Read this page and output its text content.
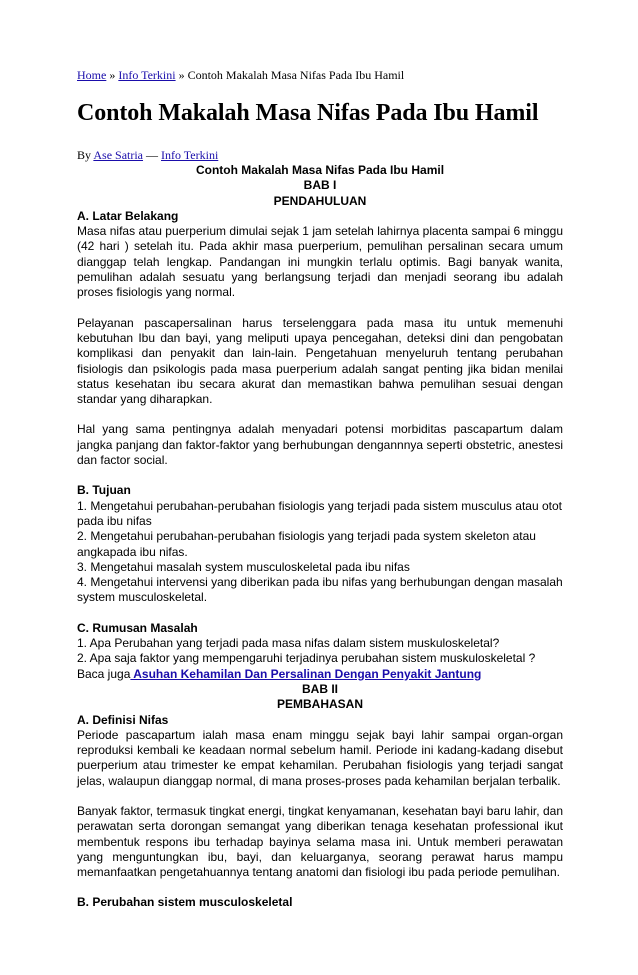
Home » Info Terkini » Contoh Makalah Masa Nifas Pada Ibu Hamil
Contoh Makalah Masa Nifas Pada Ibu Hamil
By Ase Satria — Info Terkini
Contoh Makalah Masa Nifas Pada Ibu Hamil
BAB I
PENDAHULUAN
A. Latar Belakang

Masa nifas atau puerperium dimulai sejak 1 jam setelah lahirnya placenta sampai 6 minggu (42 hari ) setelah itu. Pada akhir masa puerperium, pemulihan persalinan secara umum dianggap telah lengkap. Pandangan ini mungkin terlalu optimis. Bagi banyak wanita, pemulihan adalah sesuatu yang berlangsung terjadi dan menjadi seorang ibu adalah proses fisiologis yang normal.

Pelayanan pascapersalinan harus terselenggara pada masa itu untuk memenuhi kebutuhan Ibu dan bayi, yang meliputi upaya pencegahan, deteksi dini dan pengobatan komplikasi dan penyakit dan lain-lain. Pengetahuan menyeluruh tentang perubahan fisiologis dan psikologis pada masa puerperium adalah sangat penting jika bidan menilai status kesehatan ibu secara akurat dan memastikan bahwa pemulihan sesuai dengan standar yang diharapkan.

Hal yang sama pentingnya adalah menyadari potensi morbiditas pascapartum dalam jangka panjang dan faktor-faktor yang berhubungan dengannnya seperti obstetric, anestesi dan factor social.

B. Tujuan
1. Mengetahui perubahan-perubahan fisiologis yang terjadi pada sistem musculus atau otot pada ibu nifas
2. Mengetahui perubahan-perubahan fisiologis yang terjadi pada system skeleton atau angkapada ibu nifas.
3. Mengetahui masalah system musculoskeletal pada ibu nifas
4. Mengetahui intervensi yang diberikan pada ibu nifas yang berhubungan dengan masalah system musculoskeletal.
C. Rumusan Masalah
1. Apa Perubahan yang terjadi pada masa nifas dalam sistem muskuloskeletal?
2. Apa saja faktor yang mempengaruhi terjadinya perubahan sistem muskuloskeletal ?
Baca juga Asuhan Kehamilan Dan Persalinan Dengan Penyakit Jantung
BAB II
PEMBAHASAN
A. Definisi Nifas

Periode pascapartum ialah masa enam minggu sejak bayi lahir sampai organ-organ reproduksi kembali ke keadaan normal sebelum hamil. Periode ini kadang-kadang disebut puerperium atau trimester ke empat kehamilan. Perubahan fisiologis yang terjadi sangat jelas, walaupun dianggap normal, di mana proses-proses pada kehamilan berjalan terbalik.

Banyak faktor, termasuk tingkat energi, tingkat kenyamanan, kesehatan bayi baru lahir, dan perawatan serta dorongan semangat yang diberikan tenaga kesehatan professional ikut membentuk respons ibu terhadap bayinya selama masa ini. Untuk memberi perawatan yang menguntungkan ibu, bayi, dan keluarganya, seorang perawat harus mampu memanfaatkan pengetahuannya tentang anatomi dan fisiologi ibu pada periode pemulihan.

B. Perubahan sistem musculoskeletal
